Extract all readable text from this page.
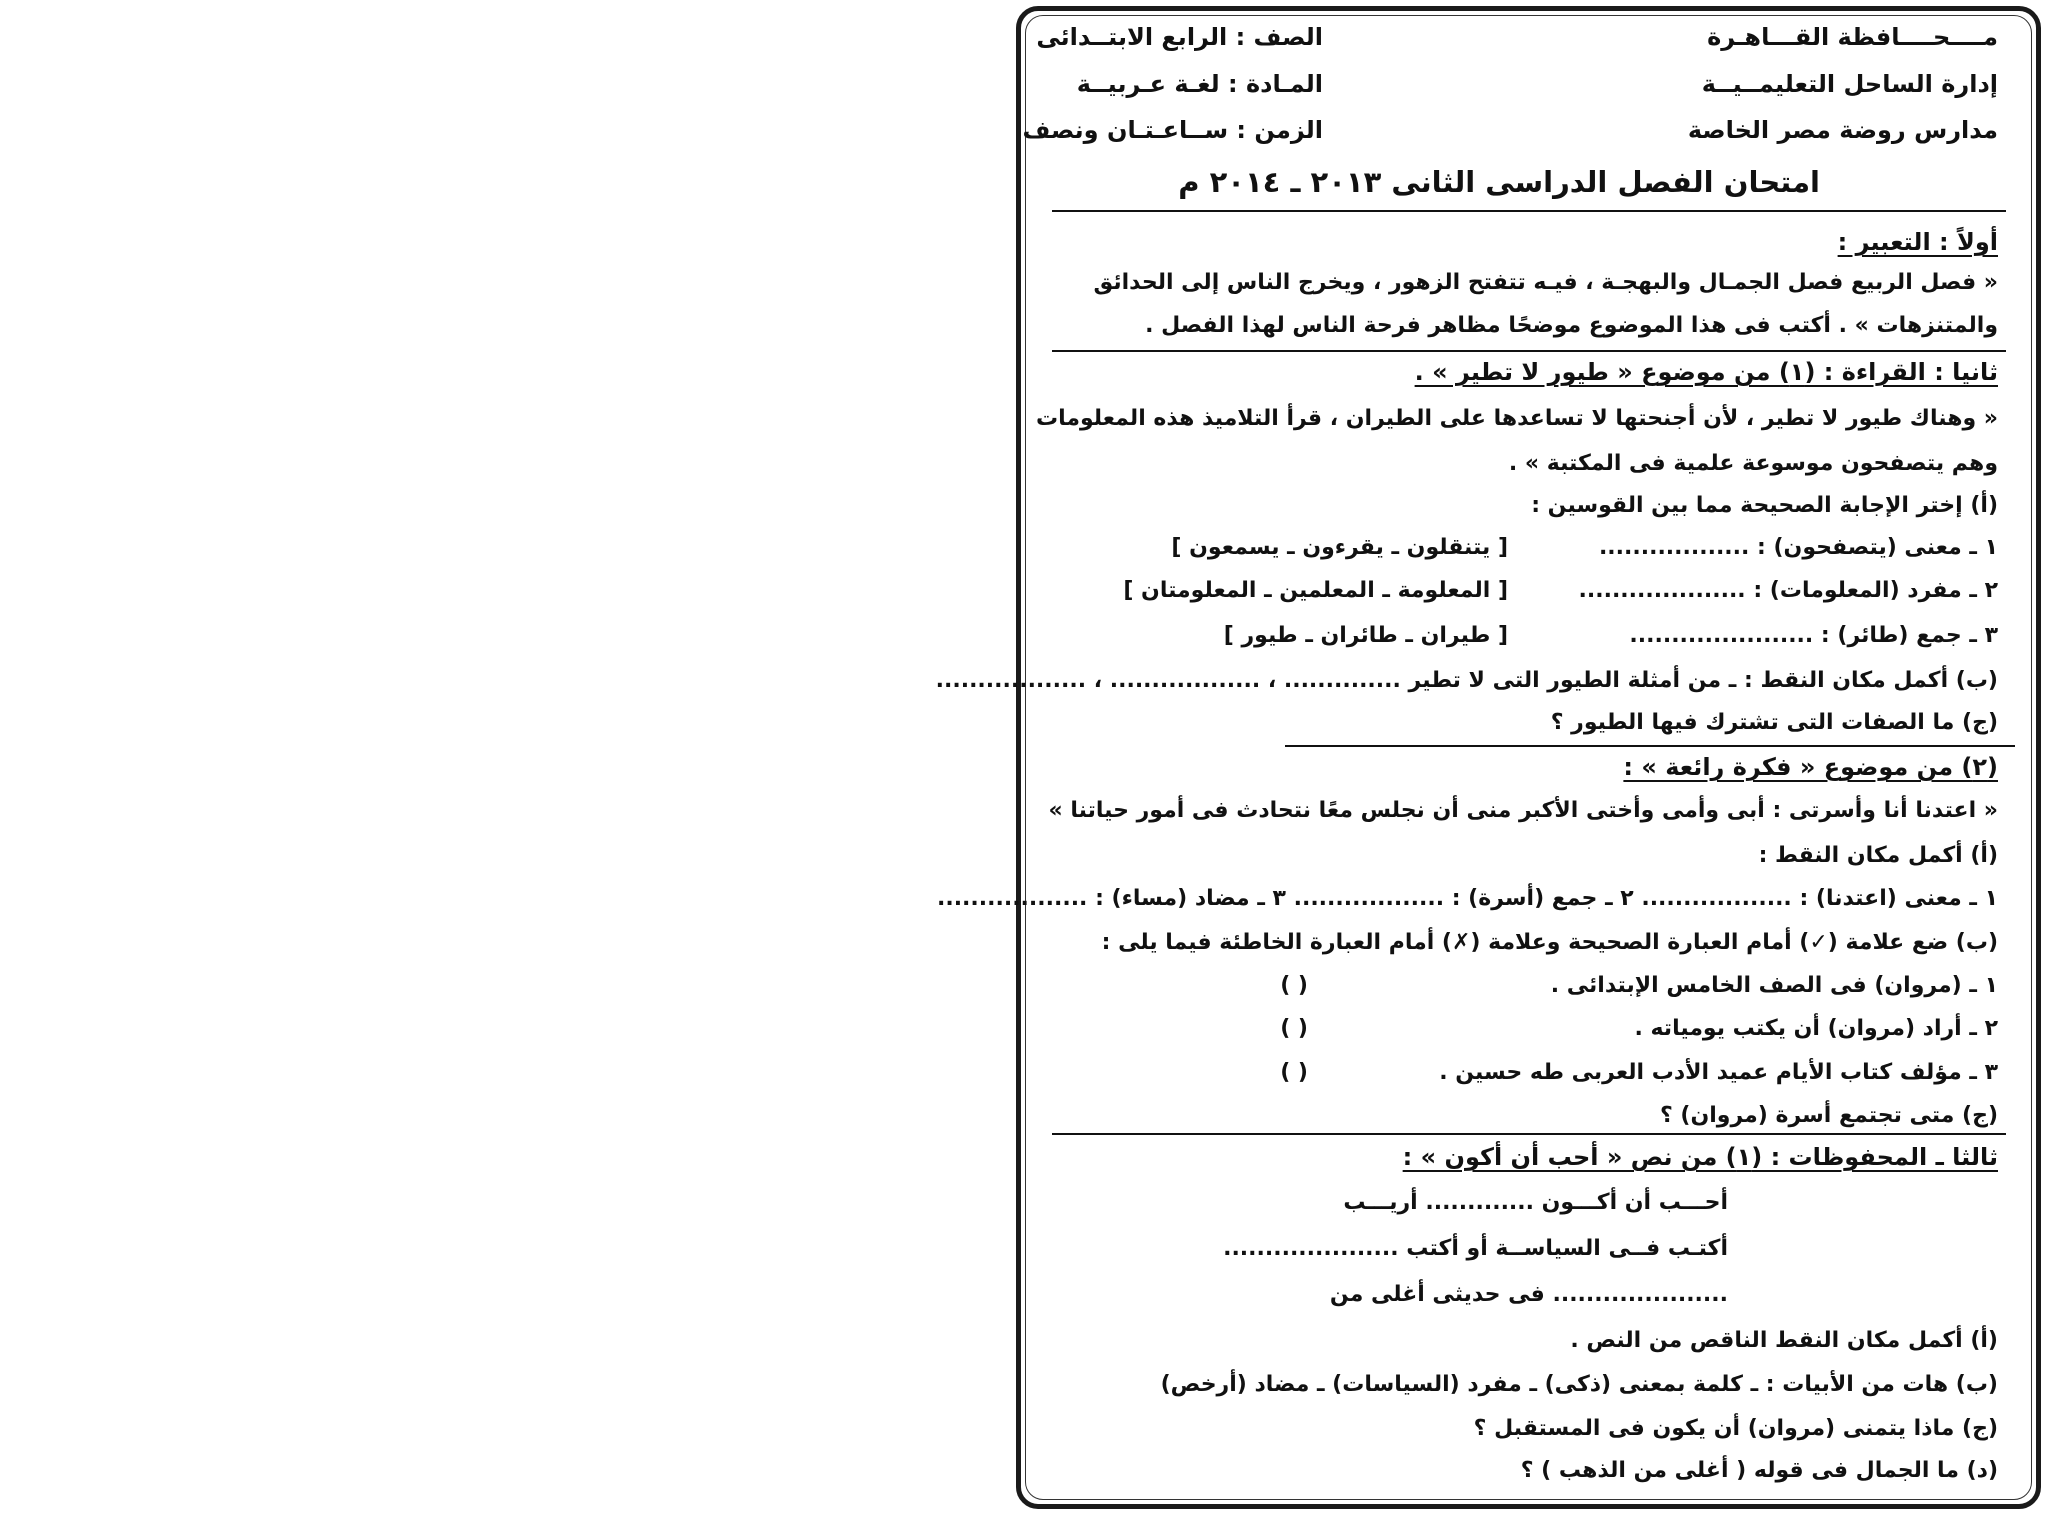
مــــحــــافظة القـــاهـرة
إدارة الساحل التعليمــيــة
مدارس روضة مصر الخاصة
الصف : الرابع الابتــدائى
المـادة : لغـة عـربيــة
الزمن : ســاعـتـان ونصف
امتحان الفصل الدراسى الثانى ٢٠١٣ ـ ٢٠١٤ م
أولاً : التعبير :
« فصل الربيع فصل الجمـال والبهجـة ، فيـه تتفتح الزهور ، ويخرج الناس إلى الحدائق
والمتنزهات » . أكتب فى هذا الموضوع موضحًا مظاهر فرحة الناس لهذا الفصل .
ثانيا : القراءة : (١) من موضوع « طيور لا تطير » .
« وهناك طيور لا تطير ، لأن أجنحتها لا تساعدها على الطيران ، قرأ التلاميذ هذه المعلومات
وهم يتصفحون موسوعة علمية فى المكتبة » .
(أ) إختر الإجابة الصحيحة مما بين القوسين :
١ ـ معنى (يتصفحون) : ..................
[ يتنقلون ـ يقرءون ـ يسمعون ]
٢ ـ مفرد (المعلومات) : ....................
[ المعلومة ـ المعلمين ـ المعلومتان ]
٣ ـ جمع (طائر) : ......................
[ طيران ـ طائران ـ طيور ]
(ب) أكمل مكان النقط : ـ من أمثلة الطيور التى لا تطير .............. ، .................. ، ..................
(ج) ما الصفات التى تشترك فيها الطيور ؟
(٢) من موضوع « فكرة رائعة » :
« اعتدنا أنا وأسرتى : أبى وأمى وأختى الأكبر منى أن نجلس معًا نتحادث فى أمور حياتنا »
(أ) أكمل مكان النقط :
١ ـ معنى (اعتدنا) : .................. ٢ ـ جمع (أسرة) : .................. ٣ ـ مضاد (مساء) : ..................
(ب) ضع علامة (✓) أمام العبارة الصحيحة وعلامة (✗) أمام العبارة الخاطئة فيما يلى :
١ ـ (مروان) فى الصف الخامس الإبتدائى .
( )
٢ ـ أراد (مروان) أن يكتب يومياته .
( )
٣ ـ مؤلف كتاب الأيام عميد الأدب العربى طه حسين .
( )
(ج) متى تجتمع أسرة (مروان) ؟
ثالثا ـ المحفوظات : (١) من نص « أحب أن أكون » :
أحـــب أن أكـــون ............. أريـــب
أكتـب فــى السياســة أو أكتب .....................
..................... فى حديثى أغلى من
(أ) أكمل مكان النقط الناقص من النص .
(ب) هات من الأبيات : ـ كلمة بمعنى (ذكى) ـ مفرد (السياسات) ـ مضاد (أرخص)
(ج) ماذا يتمنى (مروان) أن يكون فى المستقبل ؟
(د) ما الجمال فى قوله ( أغلى من الذهب ) ؟
